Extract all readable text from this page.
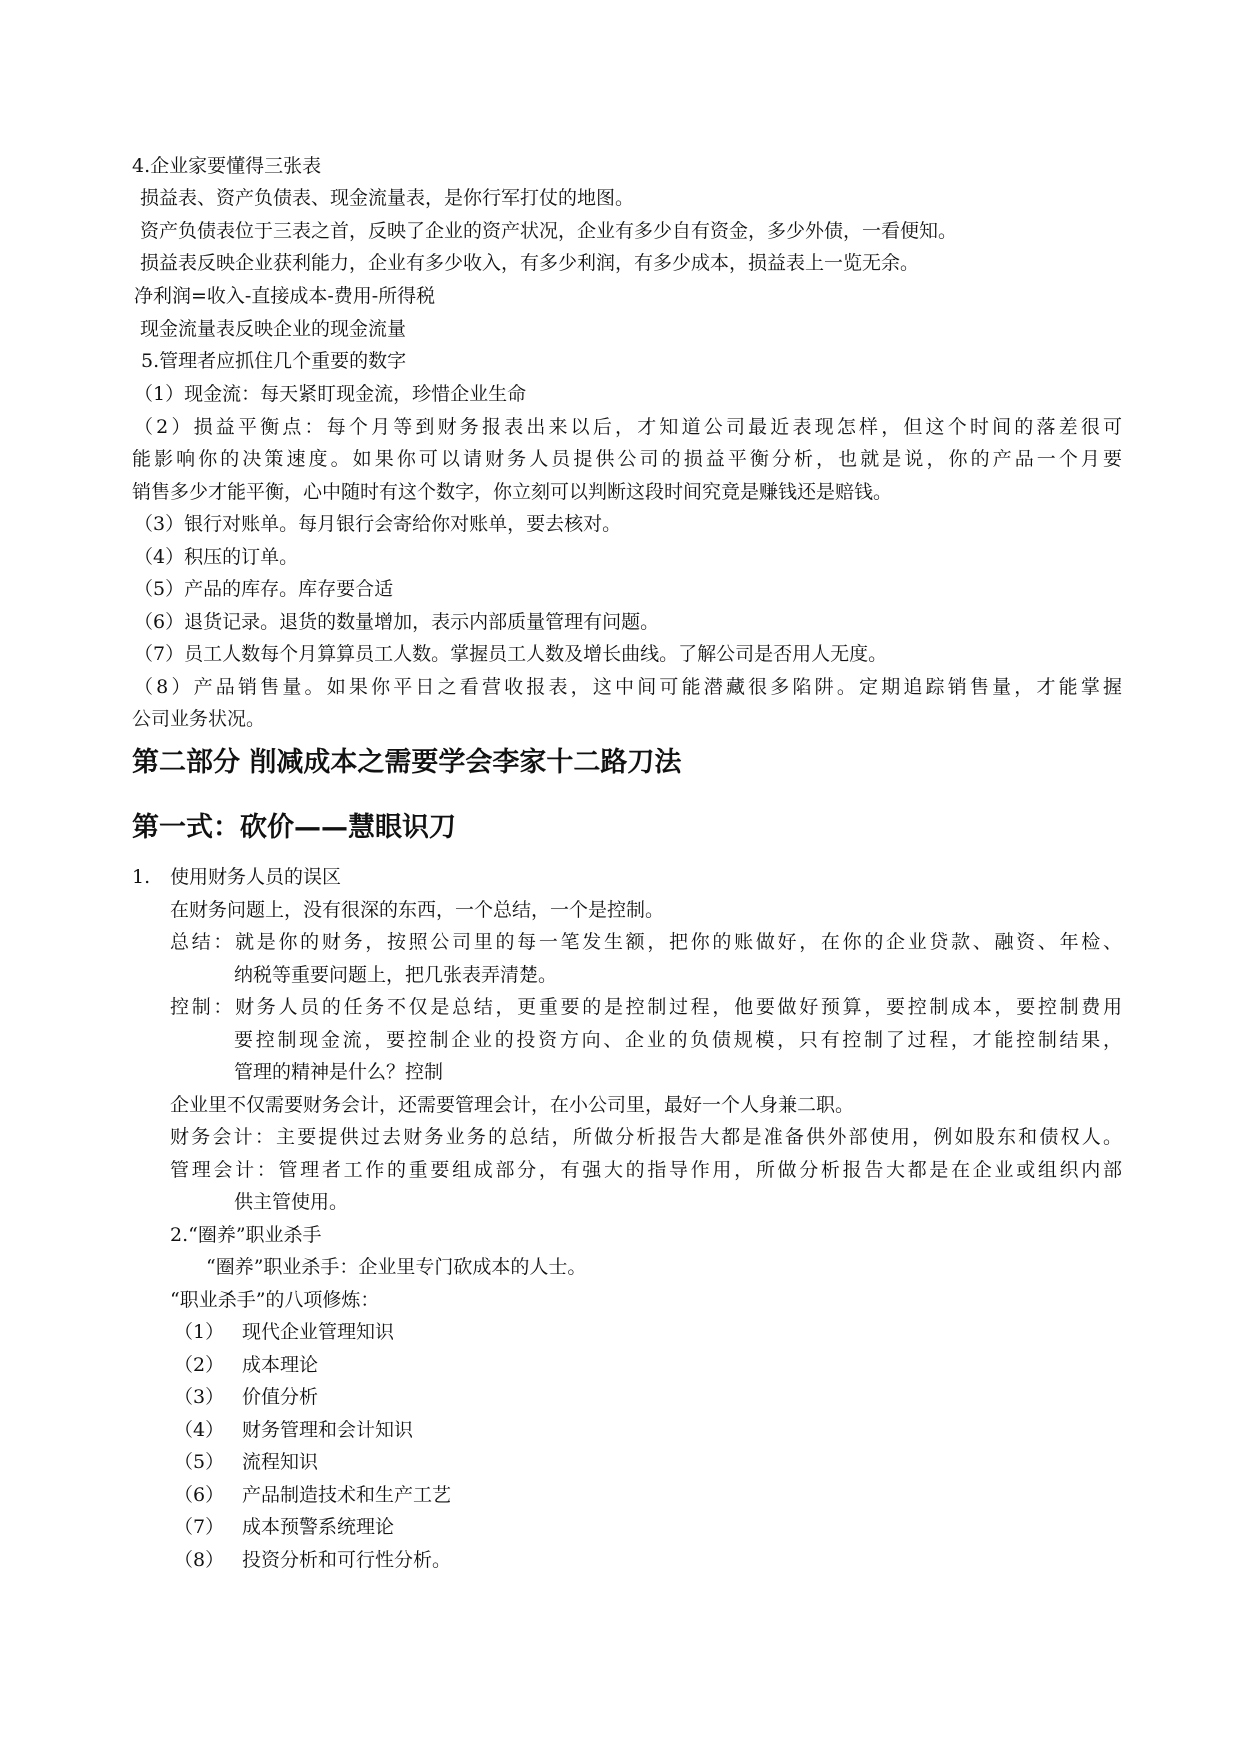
4.企业家要懂得三张表
损益表、资产负债表、现金流量表，是你行军打仗的地图。
资产负债表位于三表之首，反映了企业的资产状况，企业有多少自有资金，多少外债，一看便知。
损益表反映企业获利能力，企业有多少收入，有多少利润，有多少成本，损益表上一览无余。
净利润=收入-直接成本-费用-所得税
现金流量表反映企业的现金流量
5.管理者应抓住几个重要的数字
（1）现金流：每天紧盯现金流，珍惜企业生命
（2）损益平衡点：每个月等到财务报表出来以后，才知道公司最近表现怎样，但这个时间的落差很可
能影响你的决策速度。如果你可以请财务人员提供公司的损益平衡分析，也就是说，你的产品一个月要
销售多少才能平衡，心中随时有这个数字，你立刻可以判断这段时间究竟是赚钱还是赔钱。
（3）银行对账单。每月银行会寄给你对账单，要去核对。
（4）积压的订单。
（5）产品的库存。库存要合适
（6）退货记录。退货的数量增加，表示内部质量管理有问题。
（7）员工人数每个月算算员工人数。掌握员工人数及增长曲线。了解公司是否用人无度。
（8）产品销售量。如果你平日之看营收报表，这中间可能潜藏很多陷阱。定期追踪销售量，才能掌握
公司业务状况。
第二部分 削减成本之需要学会李家十二路刀法
第一式：砍价——慧眼识刀
1. 使用财务人员的误区
在财务问题上，没有很深的东西，一个总结，一个是控制。
总结：就是你的财务，按照公司里的每一笔发生额，把你的账做好，在你的企业贷款、融资、年检、
纳税等重要问题上，把几张表弄清楚。
控制：财务人员的任务不仅是总结，更重要的是控制过程，他要做好预算，要控制成本，要控制费用
要控制现金流，要控制企业的投资方向、企业的负债规模，只有控制了过程，才能控制结果，
管理的精神是什么？控制
企业里不仅需要财务会计，还需要管理会计，在小公司里，最好一个人身兼二职。
财务会计：主要提供过去财务业务的总结，所做分析报告大都是准备供外部使用，例如股东和债权人。
管理会计：管理者工作的重要组成部分，有强大的指导作用，所做分析报告大都是在企业或组织内部
供主管使用。
2.“圈养”职业杀手
“圈养”职业杀手：企业里专门砍成本的人士。
“职业杀手”的八项修炼：
（1） 现代企业管理知识
（2） 成本理论
（3） 价值分析
（4） 财务管理和会计知识
（5） 流程知识
（6） 产品制造技术和生产工艺
（7） 成本预警系统理论
（8） 投资分析和可行性分析。
